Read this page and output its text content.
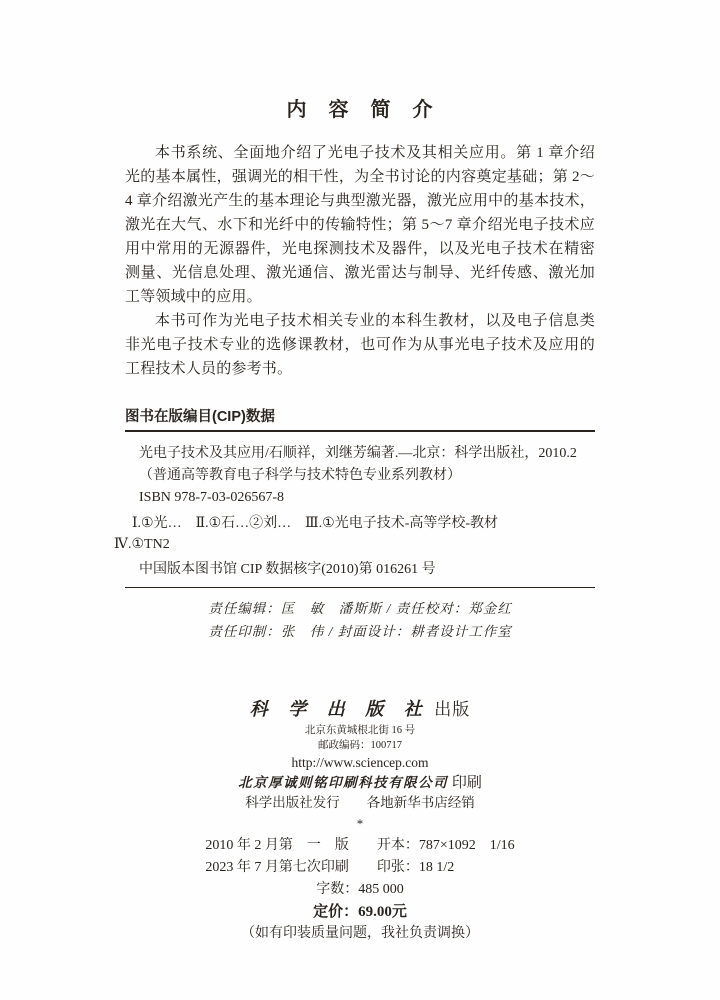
内　容　简　介

本书系统、全面地介绍了光电子技术及其相关应用。第 1 章介绍光的基本属性，强调光的相干性，为全书讨论的内容奠定基础；第 2～4 章介绍激光产生的基本理论与典型激光器，激光应用中的基本技术，激光在大气、水下和光纤中的传输特性；第 5～7 章介绍光电子技术应用中常用的无源器件，光电探测技术及器件，以及光电子技术在精密测量、光信息处理、激光通信、激光雷达与制导、光纤传感、激光加工等领域中的应用。

本书可作为光电子技术相关专业的本科生教材，以及电子信息类非光电子技术专业的选修课教材，也可作为从事光电子技术及应用的工程技术人员的参考书。

图书在版编目(CIP)数据
光电子技术及其应用/石顺祥，刘继芳编著.—北京：科学出版社，2010.2
（普通高等教育电子科学与技术特色专业系列教材）
ISBN 978-7-03-026567-8
Ⅰ.①光…　Ⅱ.①石…②刘…　Ⅲ.①光电子技术-高等学校-教材
Ⅳ.①TN2
中国版本图书馆 CIP 数据核字(2010)第 016261 号
责任编辑：匡　敏　潘斯斯 / 责任校对：郑金红
责任印制：张　伟 / 封面设计：耕者设计工作室
科 学 出 版 社 出版
北京东黄城根北街 16 号
邮政编码：100717
http://www.sciencep.com
北京厚诚则铭印刷科技有限公司 印刷
科学出版社发行　　各地新华书店经销
*
2010 年 2 月第　一　版　　开本：787×1092　1/16
2023 年 7 月第七次印刷　　印张：18 1/2
字数：485 000
定价：69.00元
（如有印装质量问题，我社负责调换）
